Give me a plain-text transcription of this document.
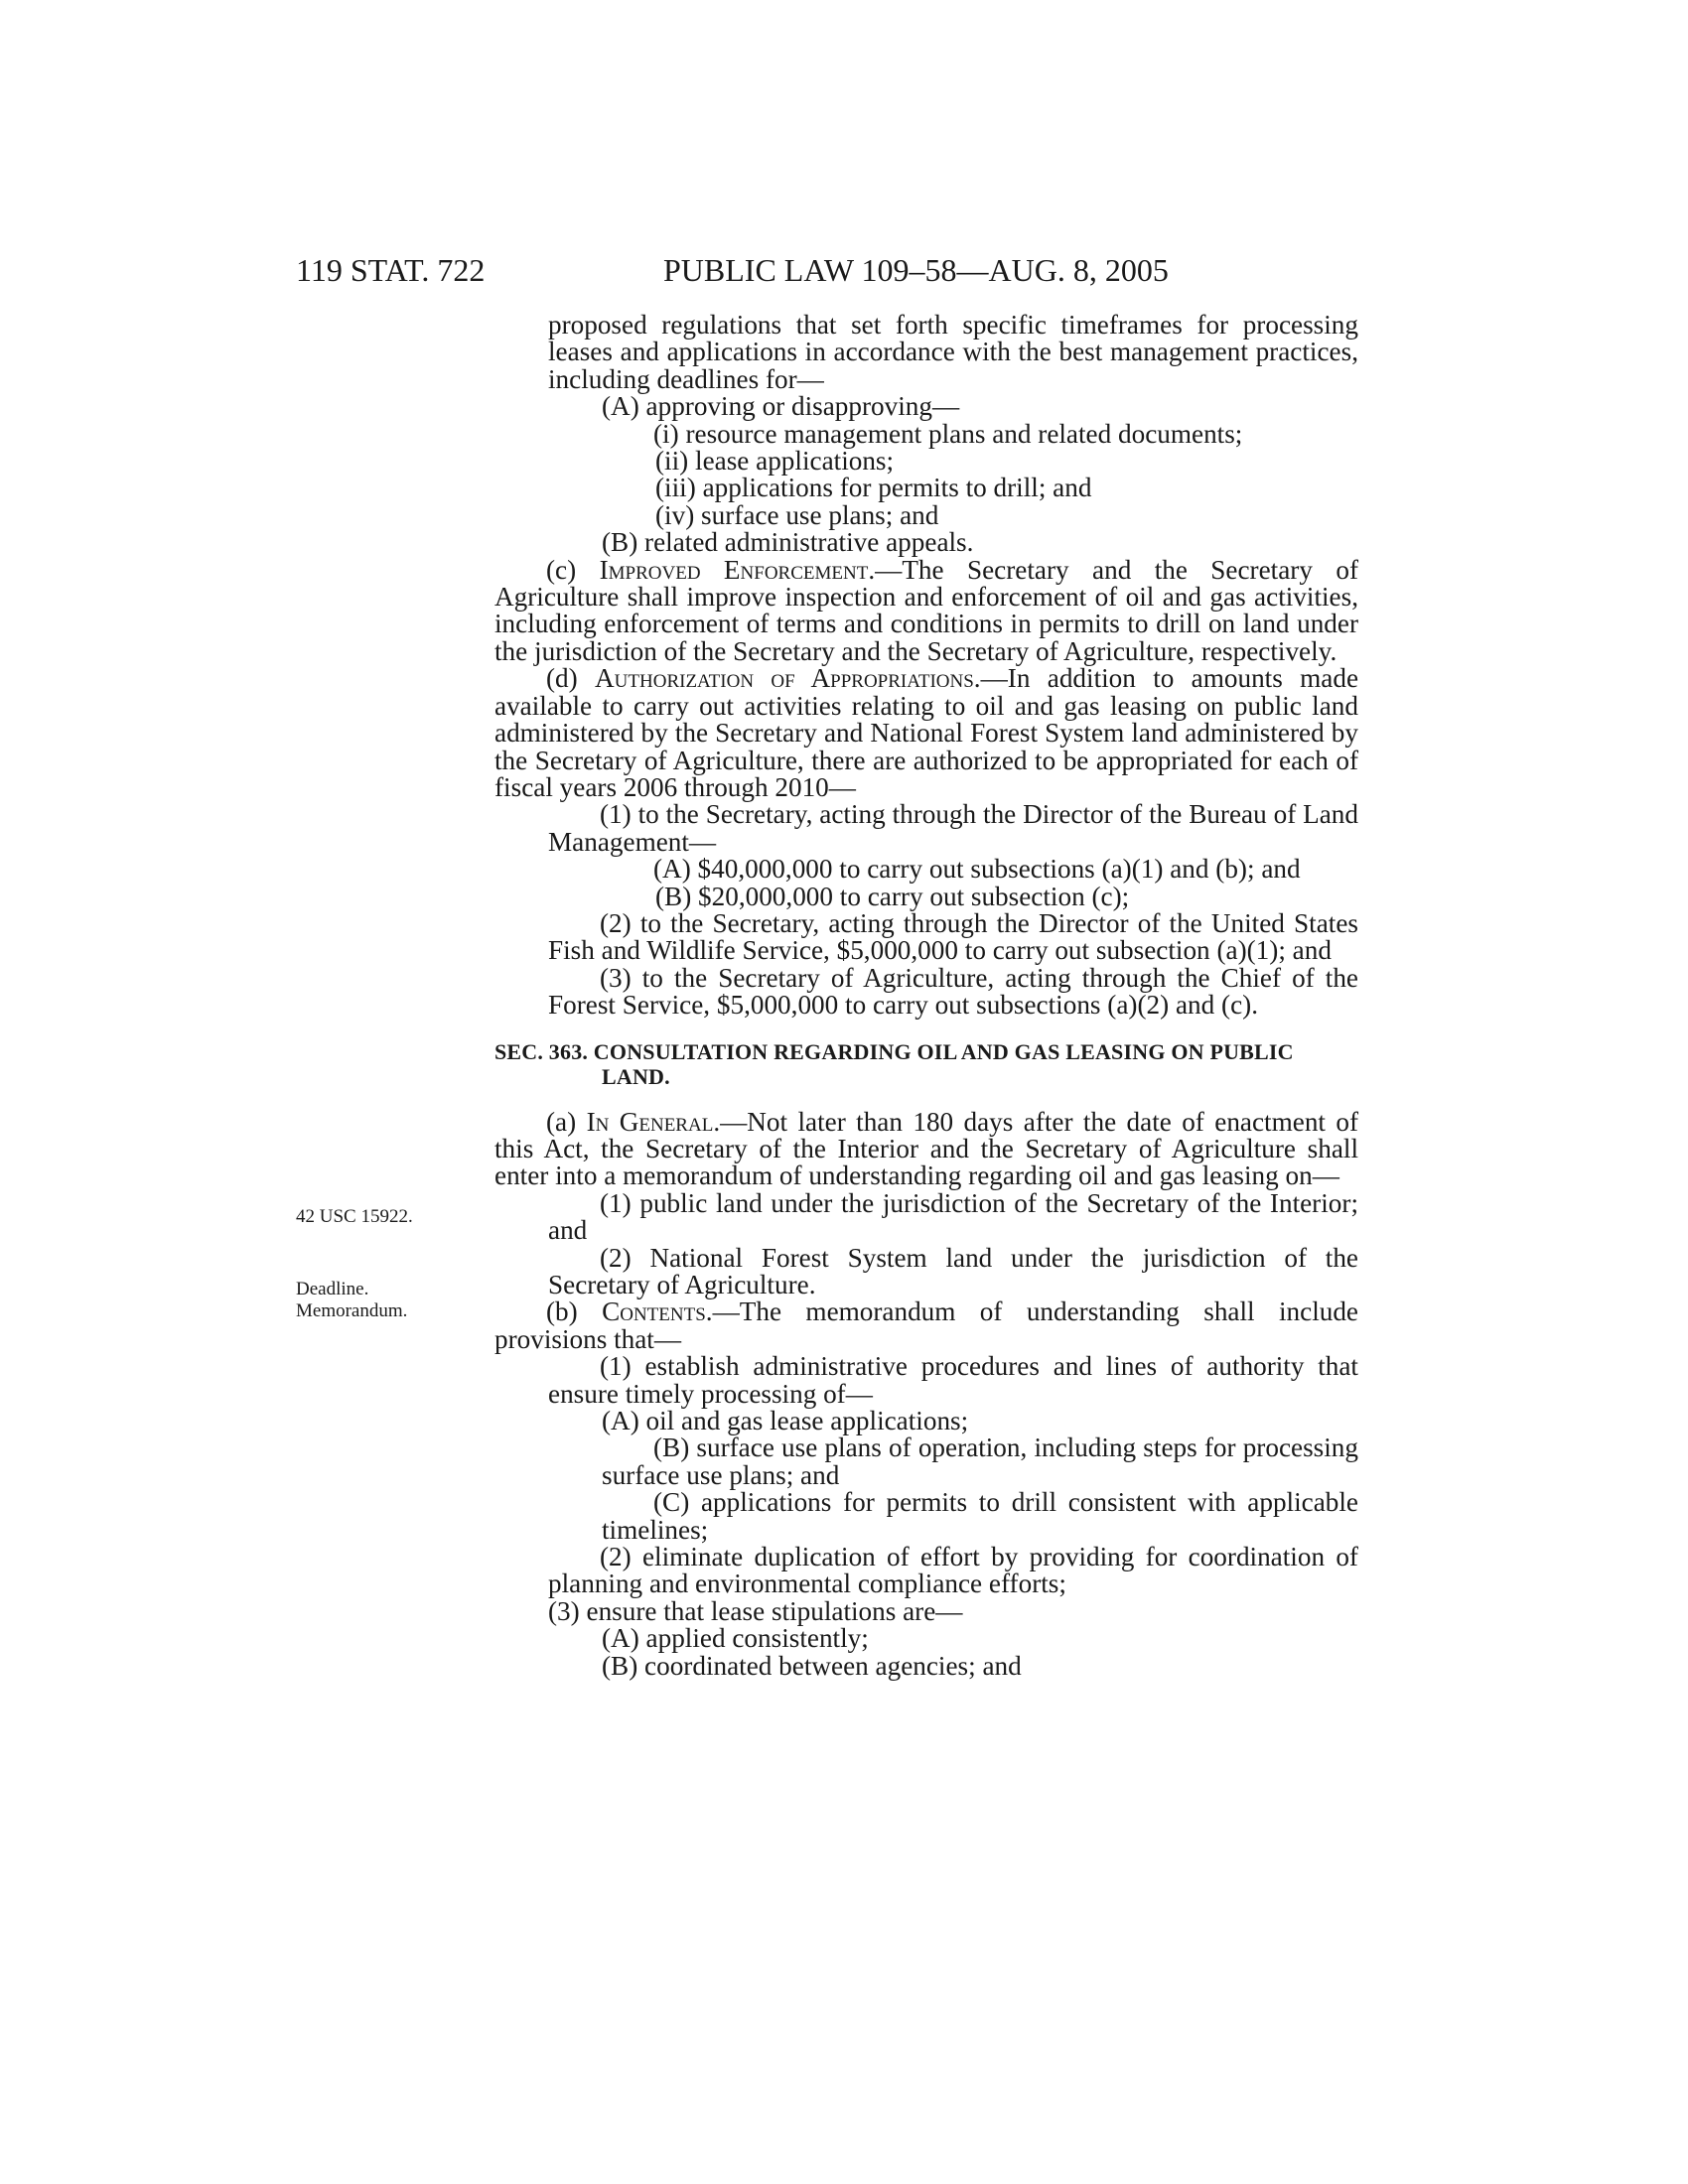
119 STAT. 722	PUBLIC LAW 109–58—AUG. 8, 2005
42 USC 15922.
Deadline.
Memorandum.

proposed regulations that set forth specific timeframes for processing leases and applications in accordance with the best management practices, including deadlines for—

(A) approving or disapproving—

(i) resource management plans and related documents;

(ii) lease applications;

(iii) applications for permits to drill; and

(iv) surface use plans; and

(B) related administrative appeals.

(c) Improved Enforcement.—The Secretary and the Secretary of Agriculture shall improve inspection and enforcement of oil and gas activities, including enforcement of terms and conditions in permits to drill on land under the jurisdiction of the Secretary and the Secretary of Agriculture, respectively.

(d) Authorization of Appropriations.—In addition to amounts made available to carry out activities relating to oil and gas leasing on public land administered by the Secretary and National Forest System land administered by the Secretary of Agriculture, there are authorized to be appropriated for each of fiscal years 2006 through 2010—

(1) to the Secretary, acting through the Director of the Bureau of Land Management—

(A) $40,000,000 to carry out subsections (a)(1) and (b); and

(B) $20,000,000 to carry out subsection (c);

(2) to the Secretary, acting through the Director of the United States Fish and Wildlife Service, $5,000,000 to carry out subsection (a)(1); and

(3) to the Secretary of Agriculture, acting through the Chief of the Forest Service, $5,000,000 to carry out subsections (a)(2) and (c).

SEC. 363. CONSULTATION REGARDING OIL AND GAS LEASING ON PUBLIC LAND.

(a) In General.—Not later than 180 days after the date of enactment of this Act, the Secretary of the Interior and the Secretary of Agriculture shall enter into a memorandum of understanding regarding oil and gas leasing on—

(1) public land under the jurisdiction of the Secretary of the Interior; and

(2) National Forest System land under the jurisdiction of the Secretary of Agriculture.

(b) Contents.—The memorandum of understanding shall include provisions that—

(1) establish administrative procedures and lines of authority that ensure timely processing of—

(A) oil and gas lease applications;

(B) surface use plans of operation, including steps for processing surface use plans; and

(C) applications for permits to drill consistent with applicable timelines;

(2) eliminate duplication of effort by providing for coordination of planning and environmental compliance efforts;

(3) ensure that lease stipulations are—

(A) applied consistently;

(B) coordinated between agencies; and
